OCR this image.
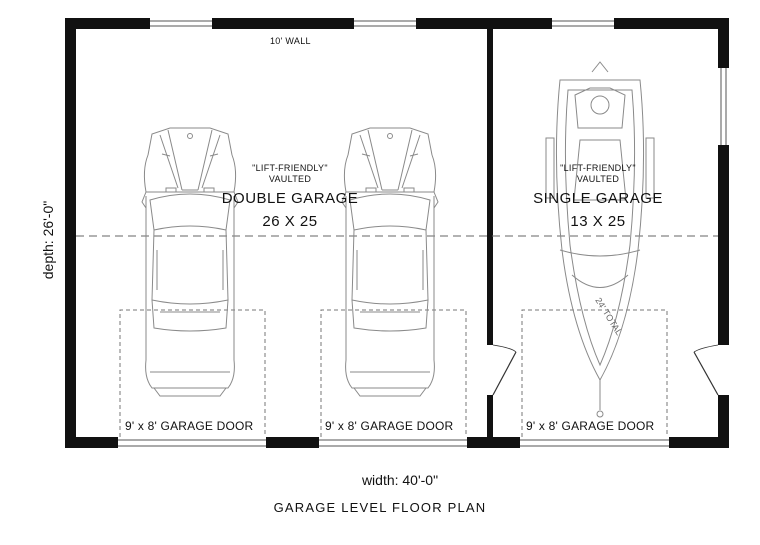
24' TOTAL
10' WALL
"LIFT-FRIENDLY"
VAULTED
DOUBLE GARAGE
26 X 25
"LIFT-FRIENDLY"
VAULTED
SINGLE GARAGE
13 X 25
9' x 8' GARAGE DOOR	9' x 8' GARAGE DOOR	9' x 8' GARAGE DOOR
width: 40'-0"
depth: 26'-0"
GARAGE LEVEL FLOOR PLAN
